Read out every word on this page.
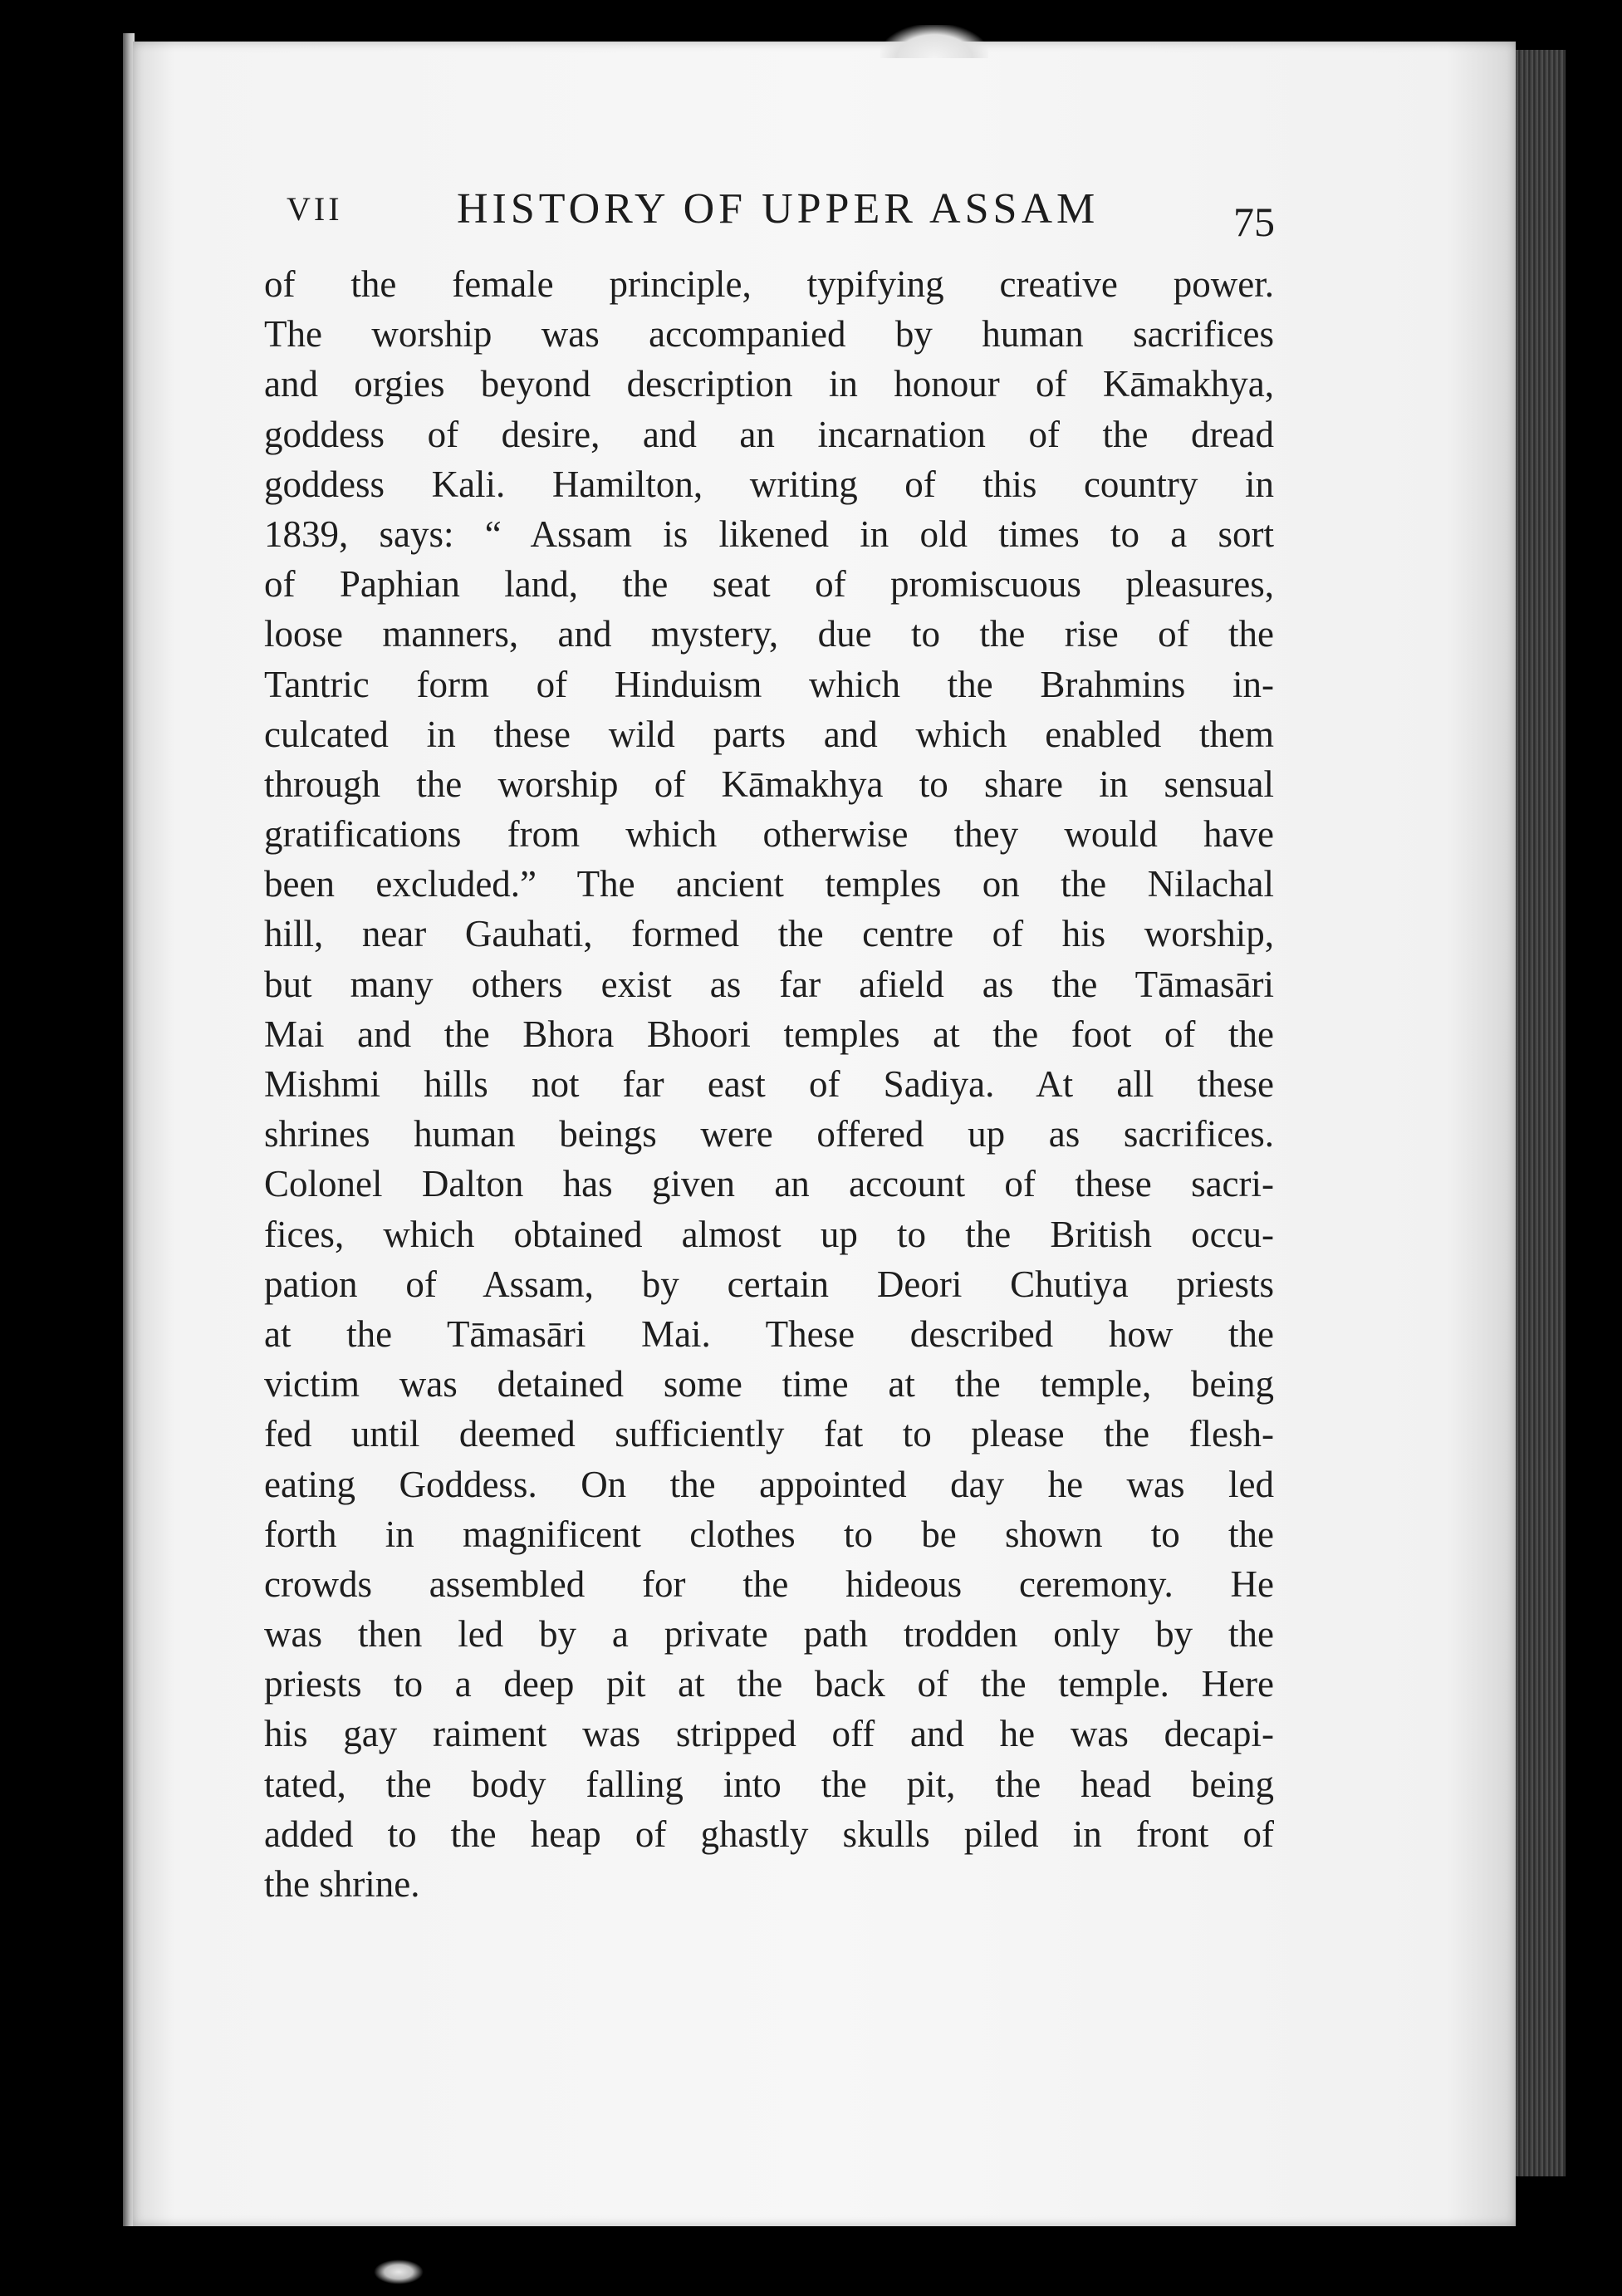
VII	HISTORY OF UPPER ASSAM	75
of the female principle, typifying creative power.
The worship was accompanied by human sacrifices
and orgies beyond description in honour of Kāmakhya,
goddess of desire, and an incarnation of the dread
goddess Kali. Hamilton, writing of this country in
1839, says: “ Assam is likened in old times to a sort
of Paphian land, the seat of promiscuous pleasures,
loose manners, and mystery, due to the rise of the
Tantric form of Hinduism which the Brahmins in-
culcated in these wild parts and which enabled them
through the worship of Kāmakhya to share in sensual
gratifications from which otherwise they would have
been excluded.” The ancient temples on the Nilachal
hill, near Gauhati, formed the centre of his worship,
but many others exist as far afield as the Tāmasāri
Mai and the Bhora Bhoori temples at the foot of the
Mishmi hills not far east of Sadiya. At all these
shrines human beings were offered up as sacrifices.
Colonel Dalton has given an account of these sacri-
fices, which obtained almost up to the British occu-
pation of Assam, by certain Deori Chutiya priests
at the Tāmasāri Mai. These described how the
victim was detained some time at the temple, being
fed until deemed sufficiently fat to please the flesh-
eating Goddess. On the appointed day he was led
forth in magnificent clothes to be shown to the
crowds assembled for the hideous ceremony. He
was then led by a private path trodden only by the
priests to a deep pit at the back of the temple. Here
his gay raiment was stripped off and he was decapi-
tated, the body falling into the pit, the head being
added to the heap of ghastly skulls piled in front of
the shrine.
